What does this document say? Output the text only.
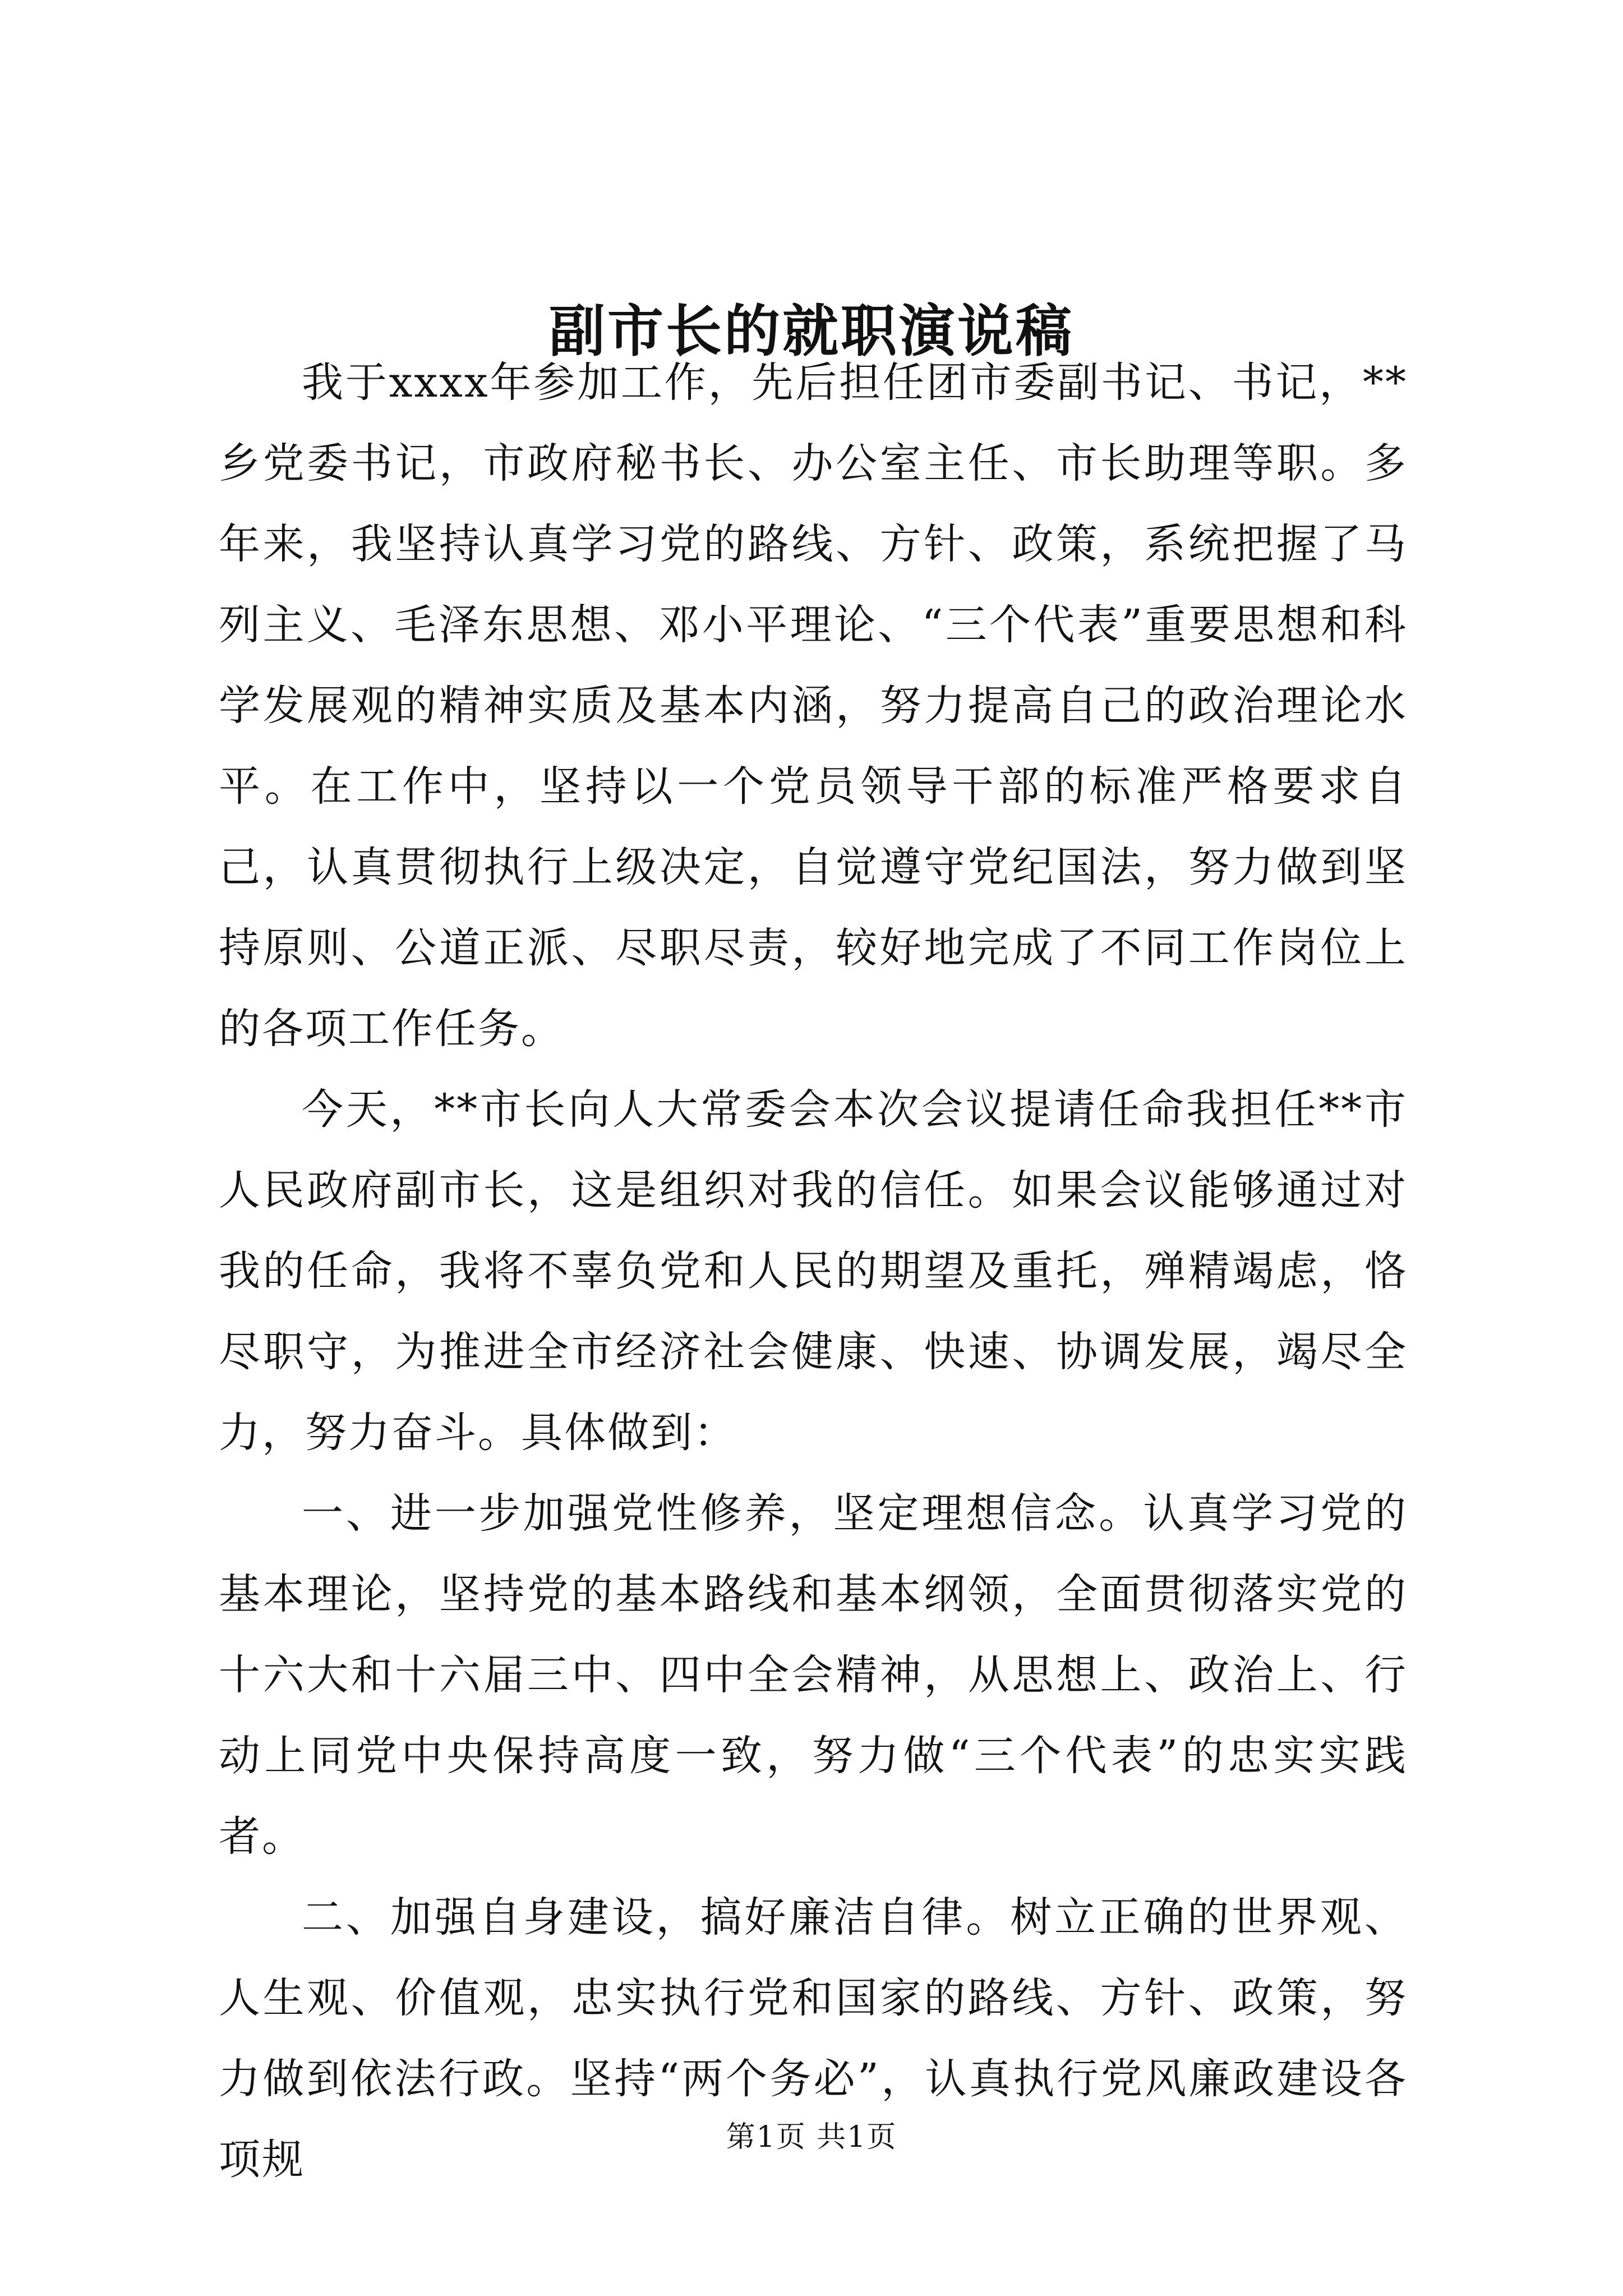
副市长的就职演说稿

我于xxxx年参加工作，先后担任团市委副书记、书记，**乡党委书记，市政府秘书长、办公室主任、市长助理等职。多年来，我坚持认真学习党的路线、方针、政策，系统把握了马列主义、毛泽东思想、邓小平理论、“三个代表”重要思想和科学发展观的精神实质及基本内涵，努力提高自己的政治理论水平。在工作中，坚持以一个党员领导干部的标准严格要求自己，认真贯彻执行上级决定，自觉遵守党纪国法，努力做到坚持原则、公道正派、尽职尽责，较好地完成了不同工作岗位上的各项工作任务。

今天，**市长向人大常委会本次会议提请任命我担任**市人民政府副市长，这是组织对我的信任。如果会议能够通过对我的任命，我将不辜负党和人民的期望及重托，殚精竭虑，恪尽职守，为推进全市经济社会健康、快速、协调发展，竭尽全力，努力奋斗。具体做到：

一、进一步加强党性修养，坚定理想信念。认真学习党的基本理论，坚持党的基本路线和基本纲领，全面贯彻落实党的十六大和十六届三中、四中全会精神，从思想上、政治上、行动上同党中央保持高度一致，努力做“三个代表”的忠实实践者。

二、加强自身建设，搞好廉洁自律。树立正确的世界观、人生观、价值观，忠实执行党和国家的路线、方针、政策，努力做到依法行政。坚持“两个务必”，认真执行党风廉政建设各项规	第1页 共1页
